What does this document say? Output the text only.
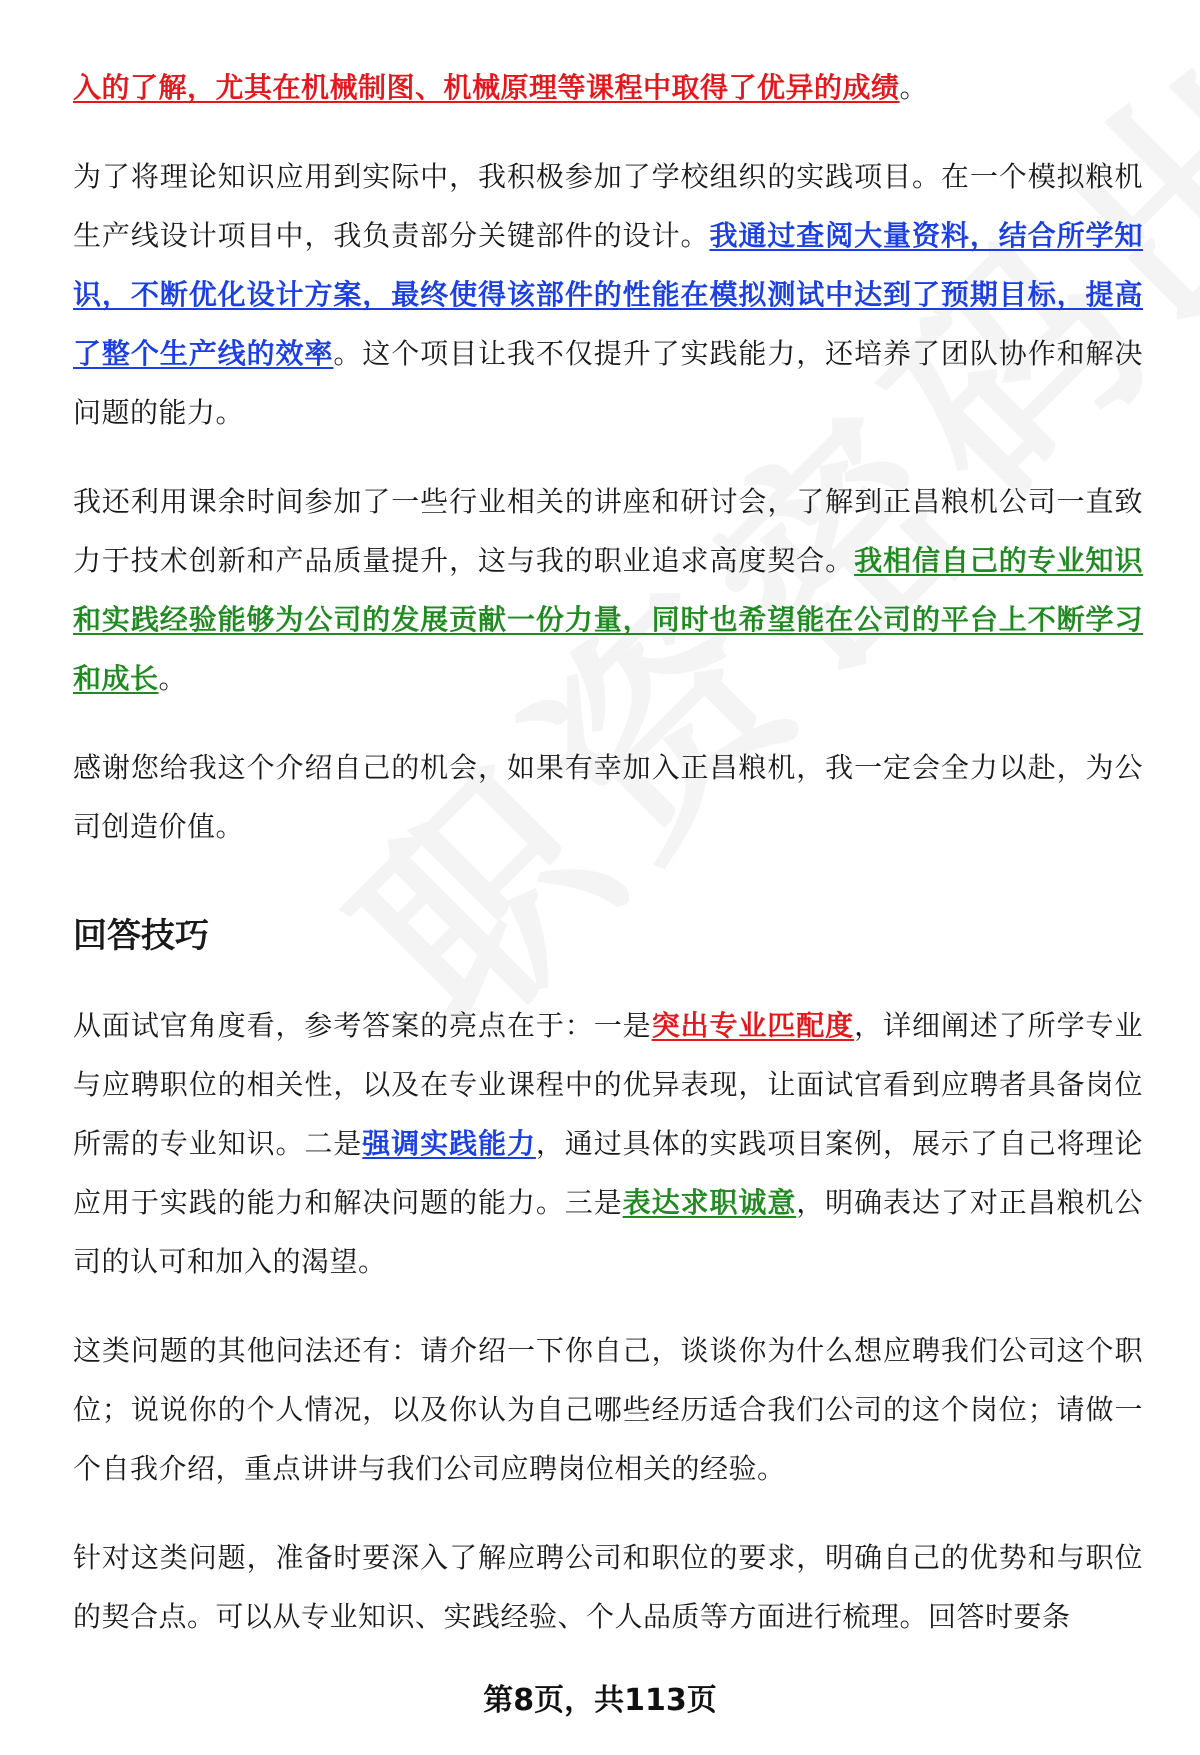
入的了解，尤其在机械制图、机械原理等课程中取得了优异的成绩。

为了将理论知识应用到实际中，我积极参加了学校组织的实践项目。在一个模拟粮机生产线设计项目中，我负责部分关键部件的设计。我通过查阅大量资料，结合所学知识，不断优化设计方案，最终使得该部件的性能在模拟测试中达到了预期目标，提高了整个生产线的效率。这个项目让我不仅提升了实践能力，还培养了团队协作和解决问题的能力。

我还利用课余时间参加了一些行业相关的讲座和研讨会，了解到正昌粮机公司一直致力于技术创新和产品质量提升，这与我的职业追求高度契合。我相信自己的专业知识和实践经验能够为公司的发展贡献一份力量，同时也希望能在公司的平台上不断学习和成长。

感谢您给我这个介绍自己的机会，如果有幸加入正昌粮机，我一定会全力以赴，为公司创造价值。

回答技巧

从面试官角度看，参考答案的亮点在于：一是突出专业匹配度，详细阐述了所学专业与应聘职位的相关性，以及在专业课程中的优异表现，让面试官看到应聘者具备岗位所需的专业知识。二是强调实践能力，通过具体的实践项目案例，展示了自己将理论应用于实践的能力和解决问题的能力。三是表达求职诚意，明确表达了对正昌粮机公司的认可和加入的渴望。

这类问题的其他问法还有：请介绍一下你自己，谈谈你为什么想应聘我们公司这个职位；说说你的个人情况，以及你认为自己哪些经历适合我们公司的这个岗位；请做一个自我介绍，重点讲讲与我们公司应聘岗位相关的经验。

针对这类问题，准备时要深入了解应聘公司和职位的要求，明确自己的优势和与职位的契合点。可以从专业知识、实践经验、个人品质等方面进行梳理。回答时要条

第8页，共113页
